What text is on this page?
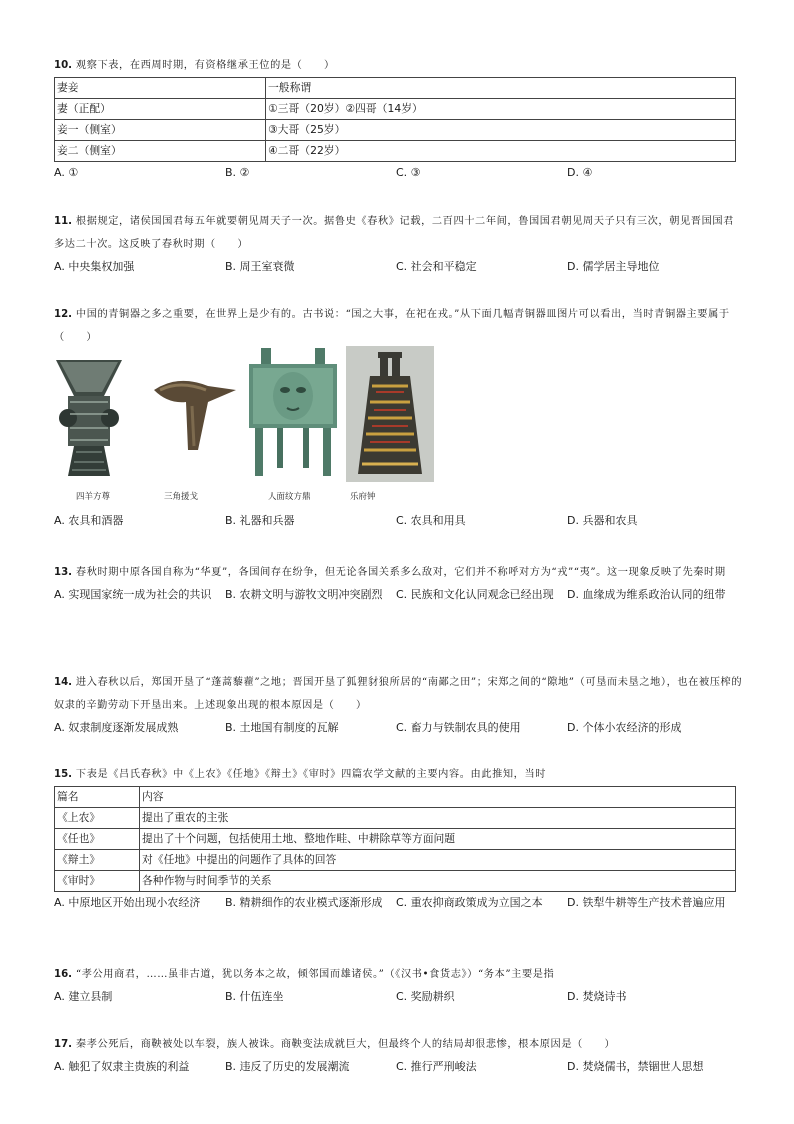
10. 观察下表，在西周时期，有资格继承王位的是（　　）
妻妾	一般称谓
妻（正配）	①三哥（20岁）②四哥（14岁）
妾一（侧室）	③大哥（25岁）
妾二（侧室）	④二哥（22岁）
A. ①	B. ②	C. ③	D. ④
11. 根据规定，诸侯国国君每五年就要朝见周天子一次。据鲁史《春秋》记载，二百四十二年间，鲁国国君朝见周天子只有三次，朝见晋国国君多达二十次。这反映了春秋时期（　　）
A. 中央集权加强	B. 周王室衰微	C. 社会和平稳定	D. 儒学居主导地位
12. 中国的青铜器之多之重要，在世界上是少有的。古书说：“国之大事，在祀在戎。”从下面几幅青铜器皿图片可以看出，当时青铜器主要属于（　　）
四羊方尊	三角援戈	人面纹方鼎	乐府钟
A. 农具和酒器	B. 礼器和兵器	C. 农具和用具	D. 兵器和农具
13. 春秋时期中原各国自称为“华夏”，各国间存在纷争，但无论各国关系多么敌对，它们并不称呼对方为“戎”“夷”。这一现象反映了先秦时期
A. 实现国家统一成为社会的共识	B. 农耕文明与游牧文明冲突剧烈	C. 民族和文化认同观念已经出现	D. 血缘成为维系政治认同的纽带
14. 进入春秋以后，郑国开垦了“蓬蒿藜藋”之地；晋国开垦了狐狸豺狼所居的“南鄙之田”；宋郑之间的“隙地”（可垦而未垦之地），也在被压榨的奴隶的辛勤劳动下开垦出来。上述现象出现的根本原因是（　　）
A. 奴隶制度逐渐发展成熟	B. 土地国有制度的瓦解	C. 畜力与铁制农具的使用	D. 个体小农经济的形成
15. 下表是《吕氏春秋》中《上农》《任地》《辩土》《审时》四篇农学文献的主要内容。由此推知，当时
篇名	内容
《上农》	提出了重农的主张
《任也》	提出了十个问题，包括使用土地、整地作畦、中耕除草等方面问题
《辩土》	对《任地》中提出的问题作了具体的回答
《审时》	各种作物与时间季节的关系
A. 中原地区开始出现小农经济	B. 精耕细作的农业模式逐渐形成	C. 重农抑商政策成为立国之本	D. 铁犁牛耕等生产技术普遍应用
16. “孝公用商君，……虽非古道，犹以务本之故，倾邻国而雄诸侯。”（《汉书•食货志》）“务本”主要是指
A. 建立县制	B. 什伍连坐	C. 奖励耕织	D. 焚烧诗书
17. 秦孝公死后，商鞅被处以车裂，族人被诛。商鞅变法成就巨大，但最终个人的结局却很悲惨，根本原因是（　　）
A. 触犯了奴隶主贵族的利益	B. 违反了历史的发展潮流	C. 推行严刑峻法	D. 焚烧儒书，禁锢世人思想
